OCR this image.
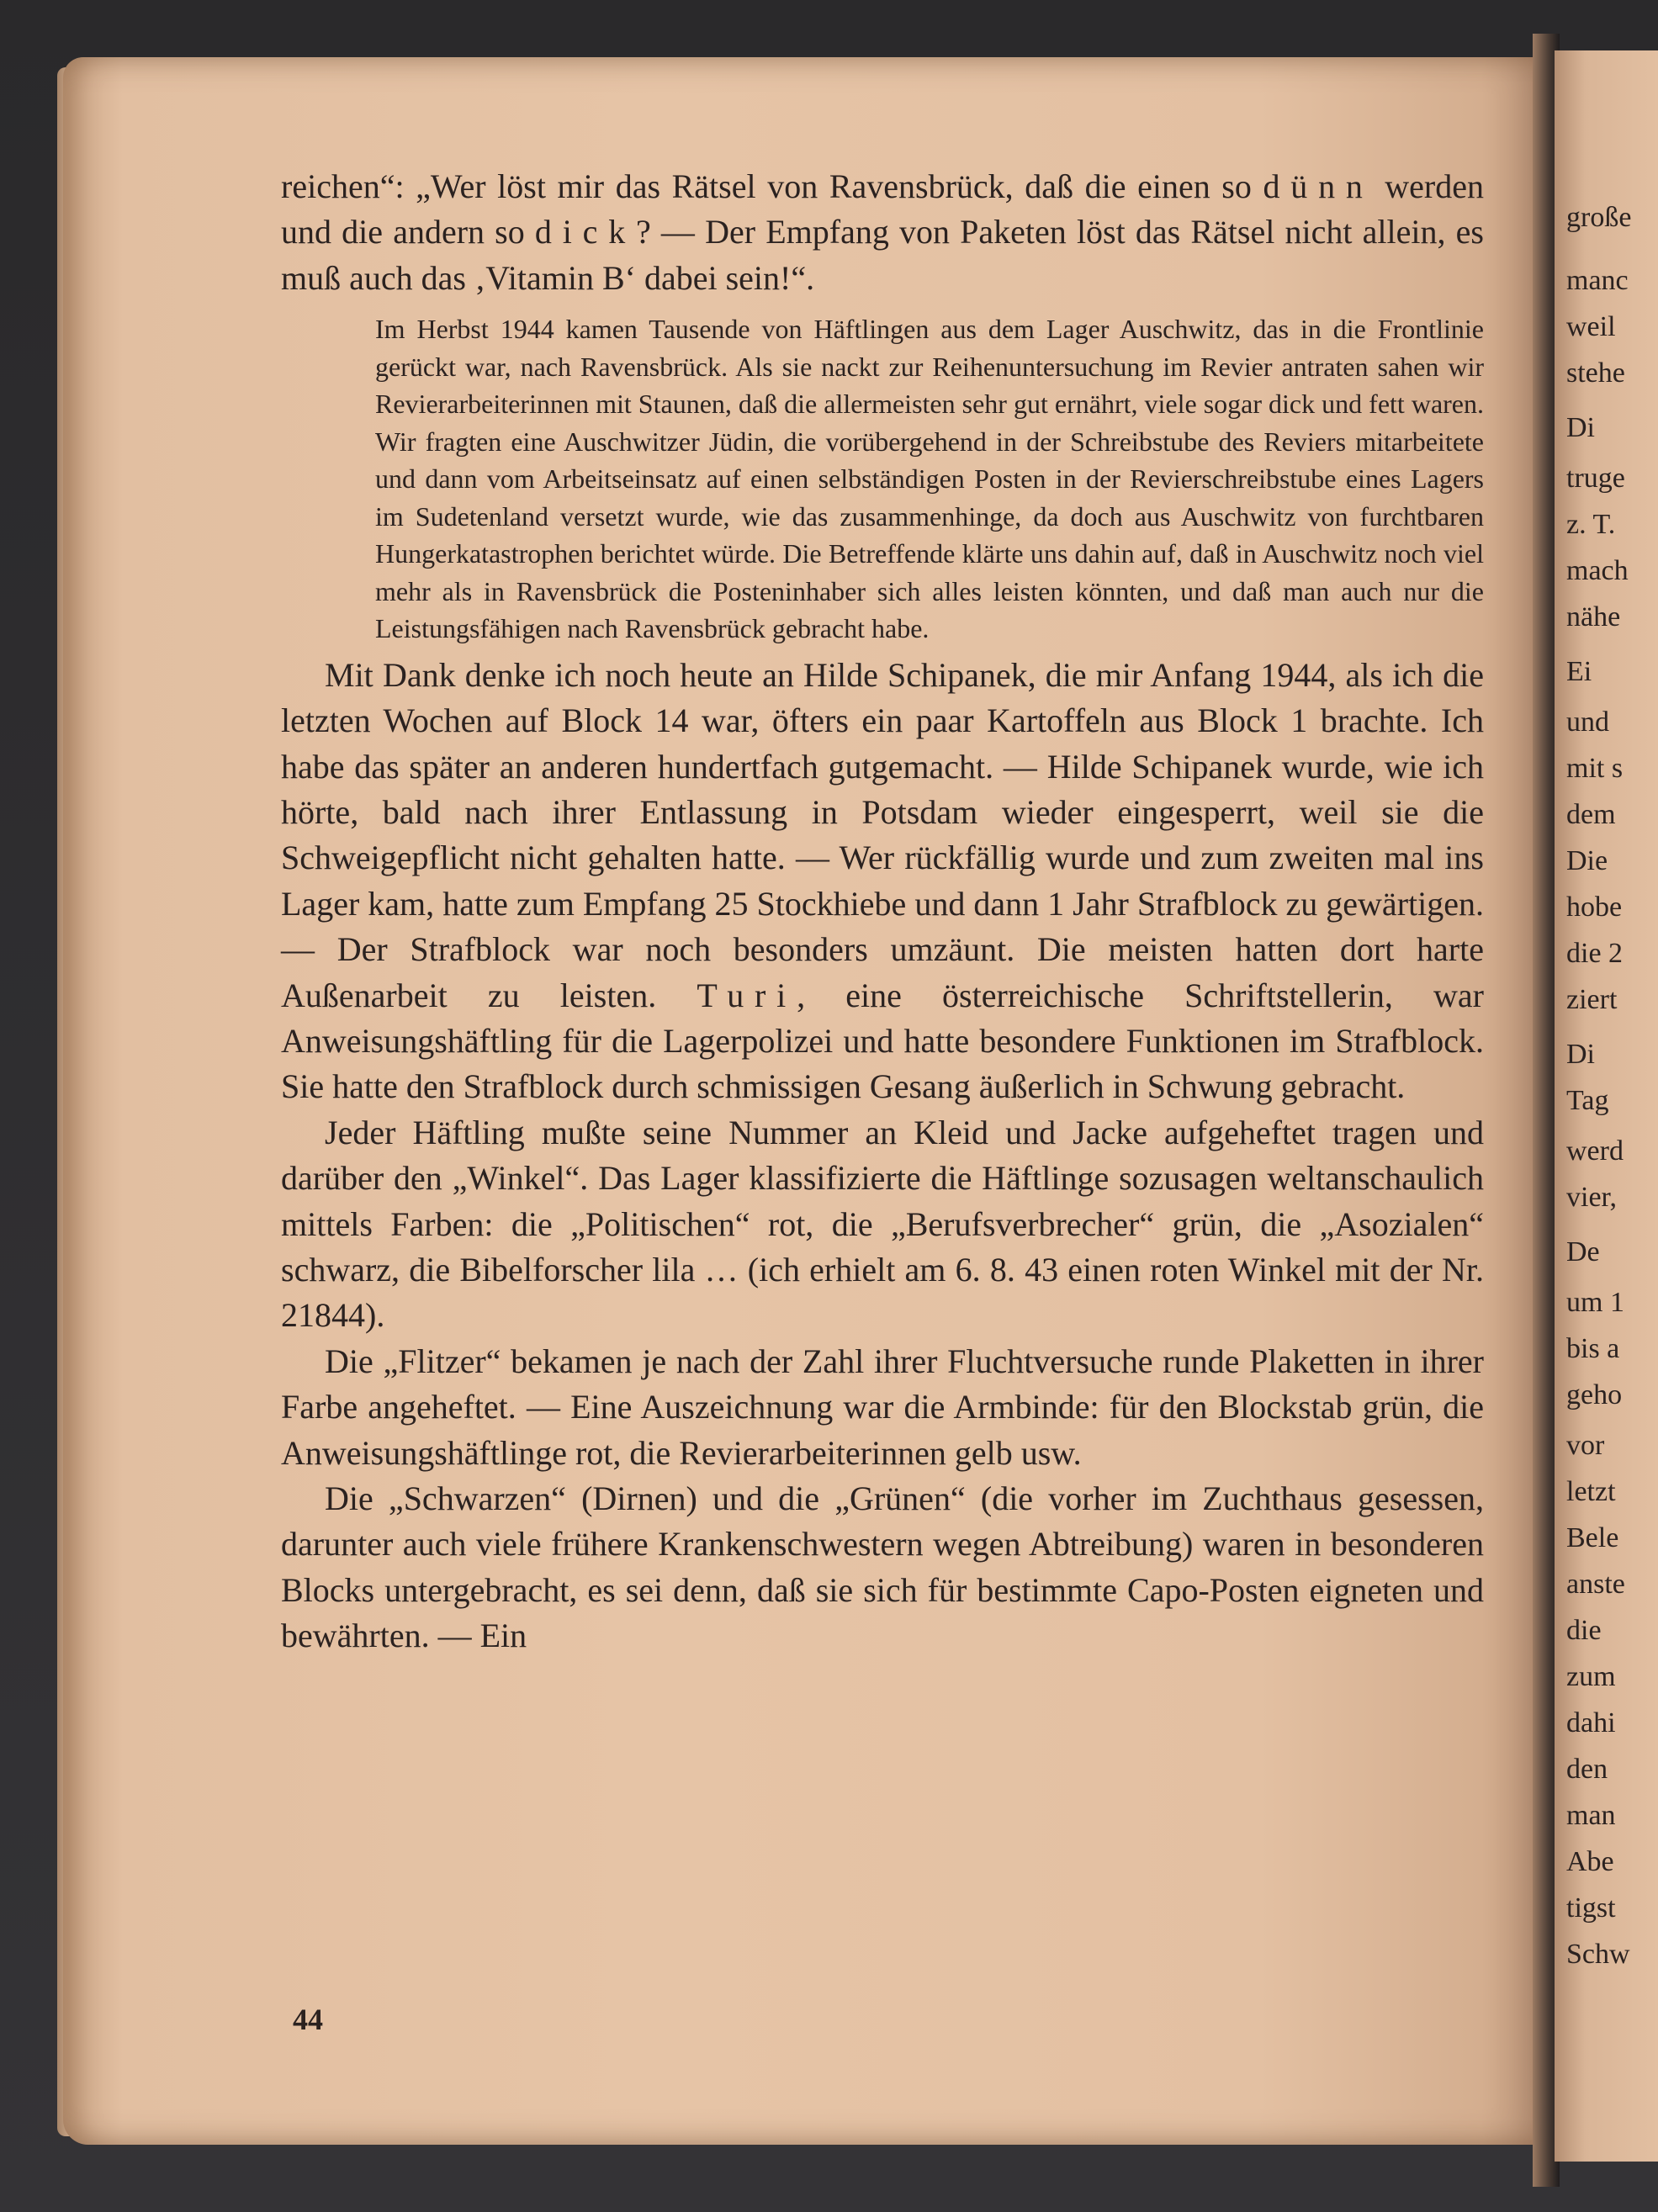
reichen“: „Wer löst mir das Rätsel von Ravensbrück, daß die einen so dünn werden und die andern so dick? — Der Empfang von Paketen löst das Rätsel nicht allein, es muß auch das ‚Vitamin B‘ dabei sein!“.

Im Herbst 1944 kamen Tausende von Häftlingen aus dem Lager Auschwitz, das in die Frontlinie gerückt war, nach Ravensbrück. Als sie nackt zur Reihenuntersuchung im Revier antraten sahen wir Revierarbeiterinnen mit Staunen, daß die allermeisten sehr gut ernährt, viele sogar dick und fett waren. Wir fragten eine Auschwitzer Jüdin, die vorübergehend in der Schreibstube des Reviers mitarbeitete und dann vom Arbeitseinsatz auf einen selbständigen Posten in der Revierschreibstube eines Lagers im Sudetenland versetzt wurde, wie das zusammenhinge, da doch aus Auschwitz von furchtbaren Hungerkatastrophen berichtet würde. Die Betreffende klärte uns dahin auf, daß in Auschwitz noch viel mehr als in Ravensbrück die Posteninhaber sich alles leisten könnten, und daß man auch nur die Leistungsfähigen nach Ravensbrück gebracht habe.

Mit Dank denke ich noch heute an Hilde Schipanek, die mir Anfang 1944, als ich die letzten Wochen auf Block 14 war, öfters ein paar Kartoffeln aus Block 1 brachte. Ich habe das später an anderen hundertfach gutgemacht. — Hilde Schipanek wurde, wie ich hörte, bald nach ihrer Entlassung in Potsdam wieder eingesperrt, weil sie die Schweigepflicht nicht gehalten hatte. — Wer rückfällig wurde und zum zweiten mal ins Lager kam, hatte zum Empfang 25 Stockhiebe und dann 1 Jahr Strafblock zu gewärtigen. — Der Strafblock war noch besonders umzäunt. Die meisten hatten dort harte Außenarbeit zu leisten. Turi, eine österreichische Schriftstellerin, war Anweisungshäftling für die Lagerpolizei und hatte besondere Funktionen im Strafblock. Sie hatte den Strafblock durch schmissigen Gesang äußerlich in Schwung gebracht.

Jeder Häftling mußte seine Nummer an Kleid und Jacke aufgeheftet tragen und darüber den „Winkel“. Das Lager klassifizierte die Häftlinge sozusagen weltanschaulich mittels Farben: die „Politischen“ rot, die „Berufsverbrecher“ grün, die „Asozialen“ schwarz, die Bibelforscher lila … (ich erhielt am 6. 8. 43 einen roten Winkel mit der Nr. 21844).

Die „Flitzer“ bekamen je nach der Zahl ihrer Fluchtversuche runde Plaketten in ihrer Farbe angeheftet. — Eine Auszeichnung war die Armbinde: für den Blockstab grün, die Anweisungshäftlinge rot, die Revierarbeiterinnen gelb usw.

Die „Schwarzen“ (Dirnen) und die „Grünen“ (die vorher im Zuchthaus gesessen, darunter auch viele frühere Krankenschwestern wegen Abtreibung) waren in besonderen Blocks untergebracht, es sei denn, daß sie sich für bestimmte Capo-Posten eigneten und bewährten. — Ein

44
große
manc
weil
stehe
Di
truge
z. T.
mach
nähe
Ei
und
mit s
dem
Die
hobe
die 2
ziert
Di
Tag
werd
vier,
De
um 1
bis a
geho
vor
letzt
Bele
anste
die
zum
dahi
den
man
Abe
tigst
Schw
